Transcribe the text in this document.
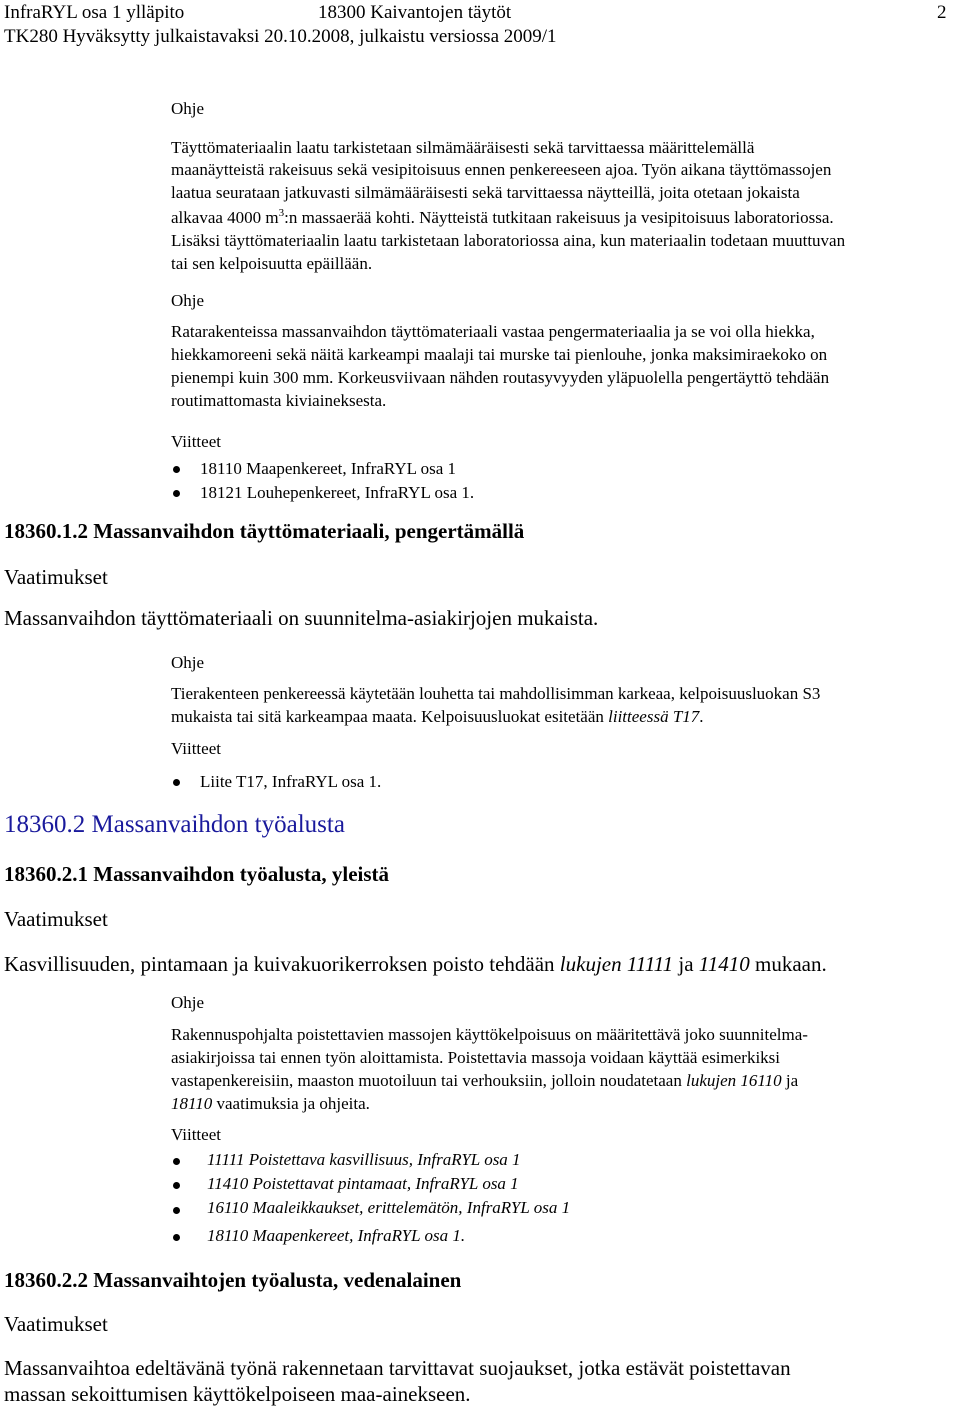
InfraRYL osa 1 ylläpito	18300 Kaivantojen täytöt	2
TK280 Hyväksytty julkaistavaksi 20.10.2008, julkaistu versiossa 2009/1
Ohje

Täyttömateriaalin laatu tarkistetaan silmämääräisesti sekä tarvittaessa määrittelemällä

maanäytteistä rakeisuus sekä vesipitoisuus ennen penkereeseen ajoa. Työn aikana täyttömassojen

laatua seurataan jatkuvasti silmämääräisesti sekä tarvittaessa näytteillä, joita otetaan jokaista

alkavaa 4000 $m^3:n$ massaerää kohti. Näytteistä tutkitaan rakeisuus ja vesipitoisuus laboratoriossa.

Lisäksi täyttömateriaalin laatu tarkistetaan laboratoriossa aina, kun materiaalin todetaan muuttuvan

tai sen kelpoisuutta epäillään.

Ohje

Ratarakenteissa massanvaihdon täyttömateriaali vastaa pengermateriaalia ja se voi olla hiekka,

hiekkamoreeni sekä näitä karkeampi maalaji tai murske tai pienlouhe, jonka maksimiraekoko on

pienempi kuin 300 mm. Korkeusviivaan nähden routasyvyyden yläpuolella pengertäyttö tehdään

routimattomasta kiviaineksesta.

Viitteet
18110 Maapenkereet, InfraRYL osa 1
18121 Louhepenkereet, InfraRYL osa 1.
18360.1.2 Massanvaihdon täyttömateriaali, pengertämällä
Vaatimukset
Massanvaihdon täyttömateriaali on suunnitelma-asiakirjojen mukaista.
Ohje

Tierakenteen penkereessä käytetään louhetta tai mahdollisimman karkeaa, kelpoisuusluokan S3

mukaista tai sitä karkeampaa maata. Kelpoisuusluokat esitetään liitteessä T17.

Viitteet
Liite T17, InfraRYL osa 1.
18360.2 Massanvaihdon työalusta
18360.2.1 Massanvaihdon työalusta, yleistä
Vaatimukset
Kasvillisuuden, pintamaan ja kuivakuorikerroksen poisto tehdään lukujen 11111 ja 11410 mukaan.
Ohje

Rakennuspohjalta poistettavien massojen käyttökelpoisuus on määritettävä joko suunnitelma-

asiakirjoissa tai ennen työn aloittamista. Poistettavia massoja voidaan käyttää esimerkiksi

vastapenkereisiin, maaston muotoiluun tai verhouksiin, jolloin noudatetaan lukujen 16110 ja

18110 vaatimuksia ja ohjeita.

Viitteet
11111 Poistettava kasvillisuus, InfraRYL osa 1
11410 Poistettavat pintamaat, InfraRYL osa 1
16110 Maaleikkaukset, erittelemätön, InfraRYL osa 1
18110 Maapenkereet, InfraRYL osa 1.
18360.2.2 Massanvaihtojen työalusta, vedenalainen
Vaatimukset
Massanvaihtoa edeltävänä työnä rakennetaan tarvittavat suojaukset, jotka estävät poistettavan
massan sekoittumisen käyttökelpoiseen maa-ainekseen.
